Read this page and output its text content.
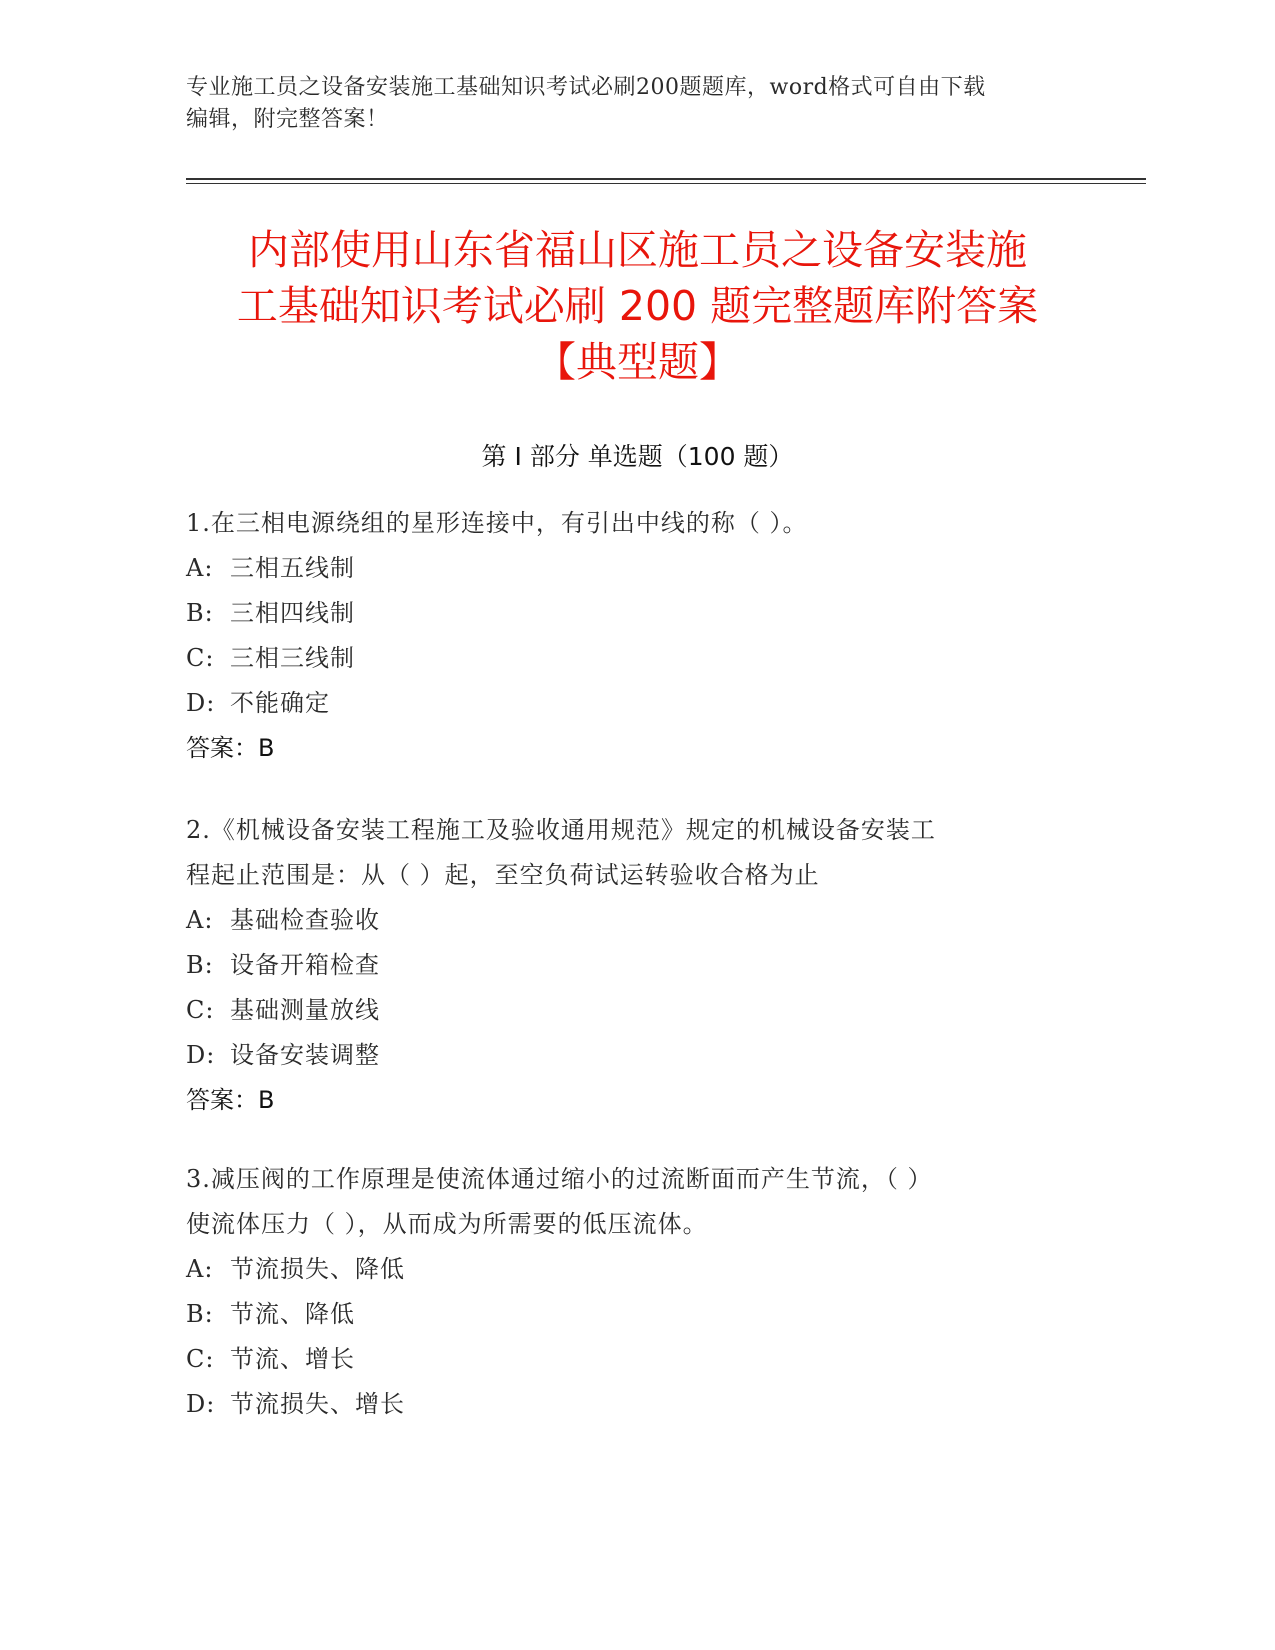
专业施工员之设备安装施工基础知识考试必刷200题题库，word格式可自由下载
编辑，附完整答案！
内部使用山东省福山区施工员之设备安装施
工基础知识考试必刷 200 题完整题库附答案
【典型题】
第 I 部分 单选题（100 题）
1.在三相电源绕组的星形连接中，有引出中线的称（ ）。
A: 三相五线制
B: 三相四线制
C: 三相三线制
D: 不能确定
答案：B
2.《机械设备安装工程施工及验收通用规范》规定的机械设备安装工
程起止范围是：从（ ）起，至空负荷试运转验收合格为止
A: 基础检查验收
B: 设备开箱检查
C: 基础测量放线
D: 设备安装调整
答案：B
3.减压阀的工作原理是使流体通过缩小的过流断面而产生节流，（ ）
使流体压力（ ），从而成为所需要的低压流体。
A: 节流损失、降低
B: 节流、降低
C: 节流、增长
D: 节流损失、增长
